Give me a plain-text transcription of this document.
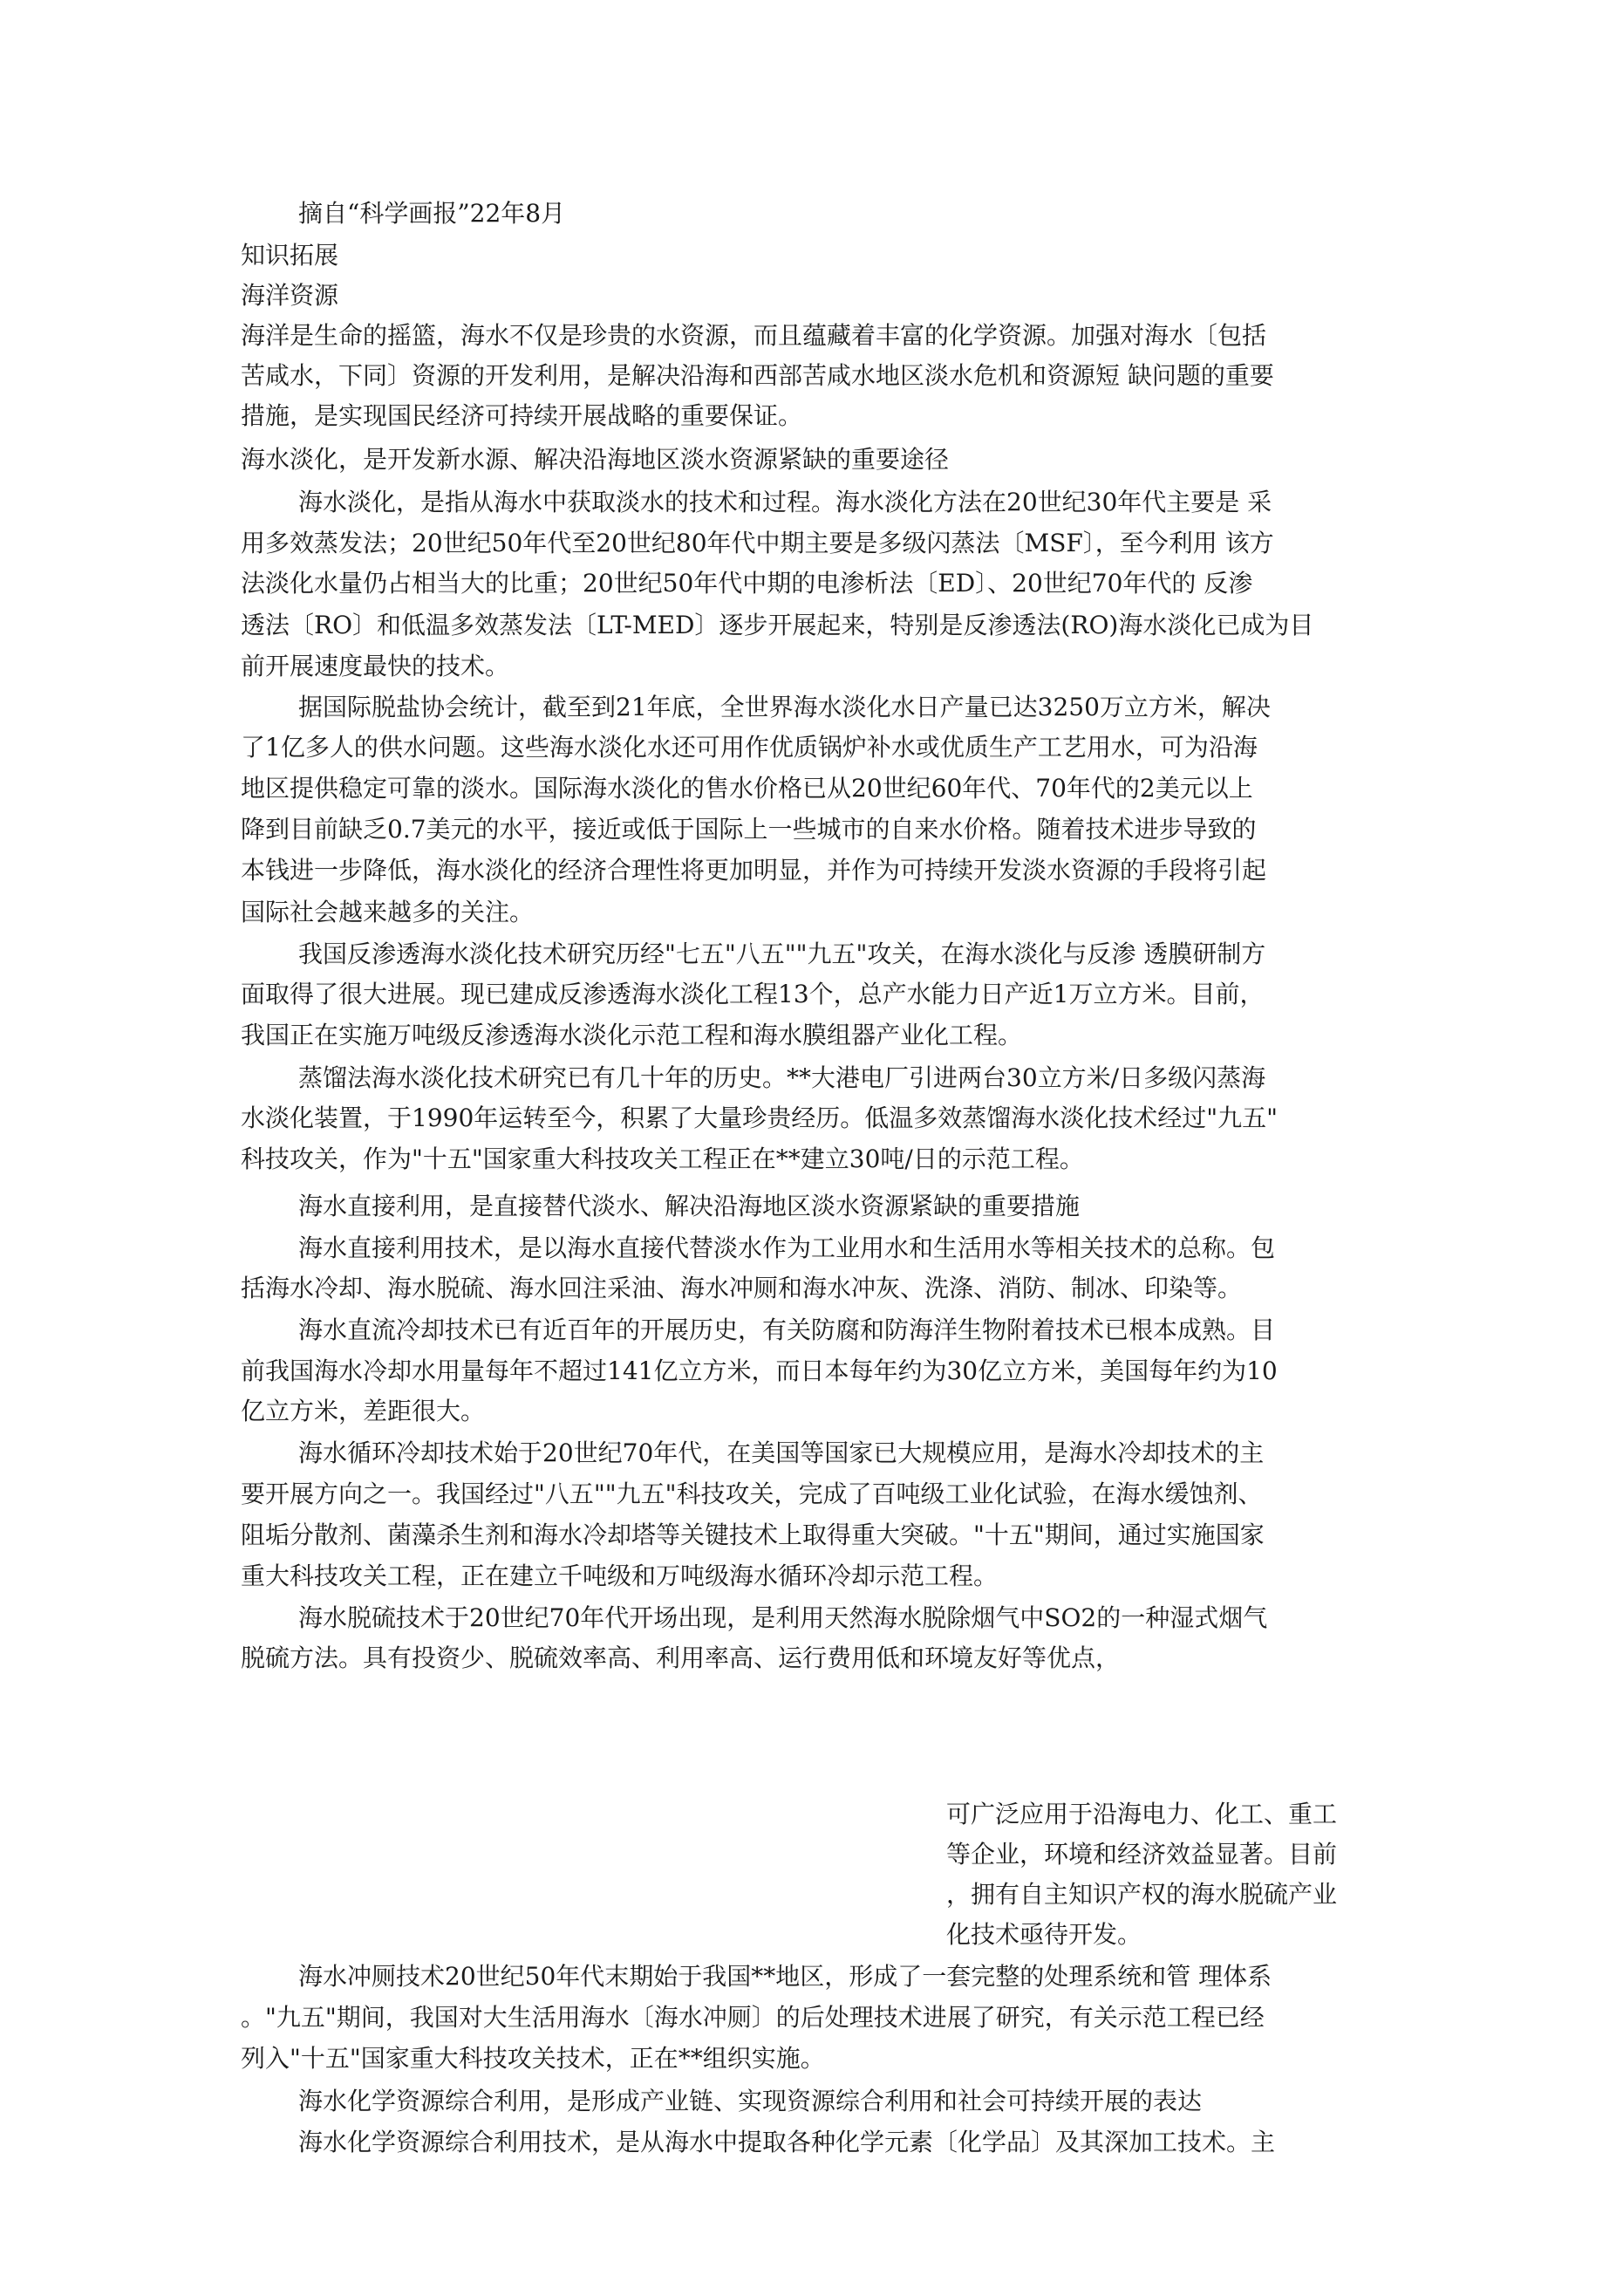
摘自“科学画报”22年8月

知识拓展

海洋资源

海洋是生命的摇篮，海水不仅是珍贵的水资源，而且蕴藏着丰富的化学资源。加强对海水〔包括

苦咸水，下同〕资源的开发利用，是解决沿海和西部苦咸水地区淡水危机和资源短 缺问题的重要

措施，是实现国民经济可持续开展战略的重要保证。

海水淡化，是开发新水源、解决沿海地区淡水资源紧缺的重要途径

海水淡化，是指从海水中获取淡水的技术和过程。海水淡化方法在20世纪30年代主要是 采

用多效蒸发法；20世纪50年代至20世纪80年代中期主要是多级闪蒸法〔MSF〕，至今利用 该方

法淡化水量仍占相当大的比重；20世纪50年代中期的电渗析法〔ED〕、20世纪70年代的 反渗

透法〔RO〕和低温多效蒸发法〔LT-MED〕逐步开展起来，特别是反渗透法(RO)海水淡化已成为目

前开展速度最快的技术。

据国际脱盐协会统计，截至到21年底，全世界海水淡化水日产量已达3250万立方米，解决

了1亿多人的供水问题。这些海水淡化水还可用作优质锅炉补水或优质生产工艺用水，可为沿海

地区提供稳定可靠的淡水。国际海水淡化的售水价格已从20世纪60年代、70年代的2美元以上

降到目前缺乏0.7美元的水平，接近或低于国际上一些城市的自来水价格。随着技术进步导致的

本钱进一步降低，海水淡化的经济合理性将更加明显，并作为可持续开发淡水资源的手段将引起

国际社会越来越多的关注。

我国反渗透海水淡化技术研究历经"七五"八五""九五"攻关，在海水淡化与反渗 透膜研制方

面取得了很大进展。现已建成反渗透海水淡化工程13个，总产水能力日产近1万立方米。目前，

我国正在实施万吨级反渗透海水淡化示范工程和海水膜组器产业化工程。

蒸馏法海水淡化技术研究已有几十年的历史。**大港电厂引进两台30立方米/日多级闪蒸海

水淡化装置，于1990年运转至今，积累了大量珍贵经历。低温多效蒸馏海水淡化技术经过"九五"

科技攻关，作为"十五"国家重大科技攻关工程正在**建立30吨/日的示范工程。

海水直接利用，是直接替代淡水、解决沿海地区淡水资源紧缺的重要措施

海水直接利用技术，是以海水直接代替淡水作为工业用水和生活用水等相关技术的总称。包

括海水冷却、海水脱硫、海水回注采油、海水冲厕和海水冲灰、洗涤、消防、制冰、印染等。

海水直流冷却技术已有近百年的开展历史，有关防腐和防海洋生物附着技术已根本成熟。目

前我国海水冷却水用量每年不超过141亿立方米，而日本每年约为30亿立方米，美国每年约为10

亿立方米，差距很大。

海水循环冷却技术始于20世纪70年代，在美国等国家已大规模应用，是海水冷却技术的主

要开展方向之一。我国经过"八五""九五"科技攻关，完成了百吨级工业化试验，在海水缓蚀剂、

阻垢分散剂、菌藻杀生剂和海水冷却塔等关键技术上取得重大突破。"十五"期间，通过实施国家

重大科技攻关工程，正在建立千吨级和万吨级海水循环冷却示范工程。

海水脱硫技术于20世纪70年代开场出现，是利用天然海水脱除烟气中SO2的一种湿式烟气

脱硫方法。具有投资少、脱硫效率高、利用率高、运行费用低和环境友好等优点，

可广泛应用于沿海电力、化工、重工

等企业，环境和经济效益显著。目前

，拥有自主知识产权的海水脱硫产业

化技术亟待开发。

海水冲厕技术20世纪50年代末期始于我国**地区，形成了一套完整的处理系统和管 理体系

。"九五"期间，我国对大生活用海水〔海水冲厕〕的后处理技术进展了研究，有关示范工程已经

列入"十五"国家重大科技攻关技术，正在**组织实施。

海水化学资源综合利用，是形成产业链、实现资源综合利用和社会可持续开展的表达

海水化学资源综合利用技术，是从海水中提取各种化学元素〔化学品〕及其深加工技术。主
